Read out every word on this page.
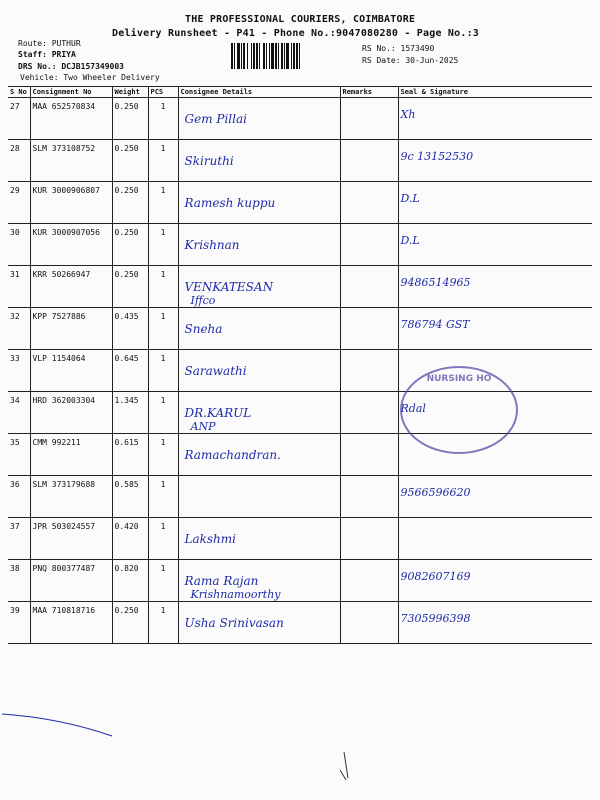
THE PROFESSIONAL COURIERS, COIMBATORE
Delivery Runsheet - P41 - Phone No.:9047080280 - Page No.:3
Route: PUTHUR
Staff: PRIYA
DRS No.: DCJB157349003
Vehicle: Two Wheeler Delivery
RS No.: 1573490
RS Date: 30-Jun-2025
S No	Consignment No	Weight	PCS	Consignee Details	Remarks	Seal & Signature
27	MAA 652570834	0.250	1	Gem Pillai		Xh

28	SLM 373108752	0.250	1	Skiruthi		9c 13152530

29	KUR 3000906807	0.250	1	Ramesh kuppu		D.L

30	KUR 3000907056	0.250	1	Krishnan		D.L

31	KRR 50266947	0.250	1	VENKATESAN
Iffco		9486514965

32	KPP 7527886	0.435	1	Sneha		786794 GST

33	VLP 1154064	0.645	1	Sarawathi		

34	HRD 362003304	1.345	1	DR.KARUL
ANP		Rdal

35	CMM 992211	0.615	1	Ramachandran.		

36	SLM 373179688	0.585	1			9566596620

37	JPR 503024557	0.420	1	Lakshmi		

38	PNQ 800377487	0.820	1	Rama Rajan
Krishnamoorthy		9082607169

39	MAA 710818716	0.250	1	Usha Srinivasan		7305996398
NURSING HO
